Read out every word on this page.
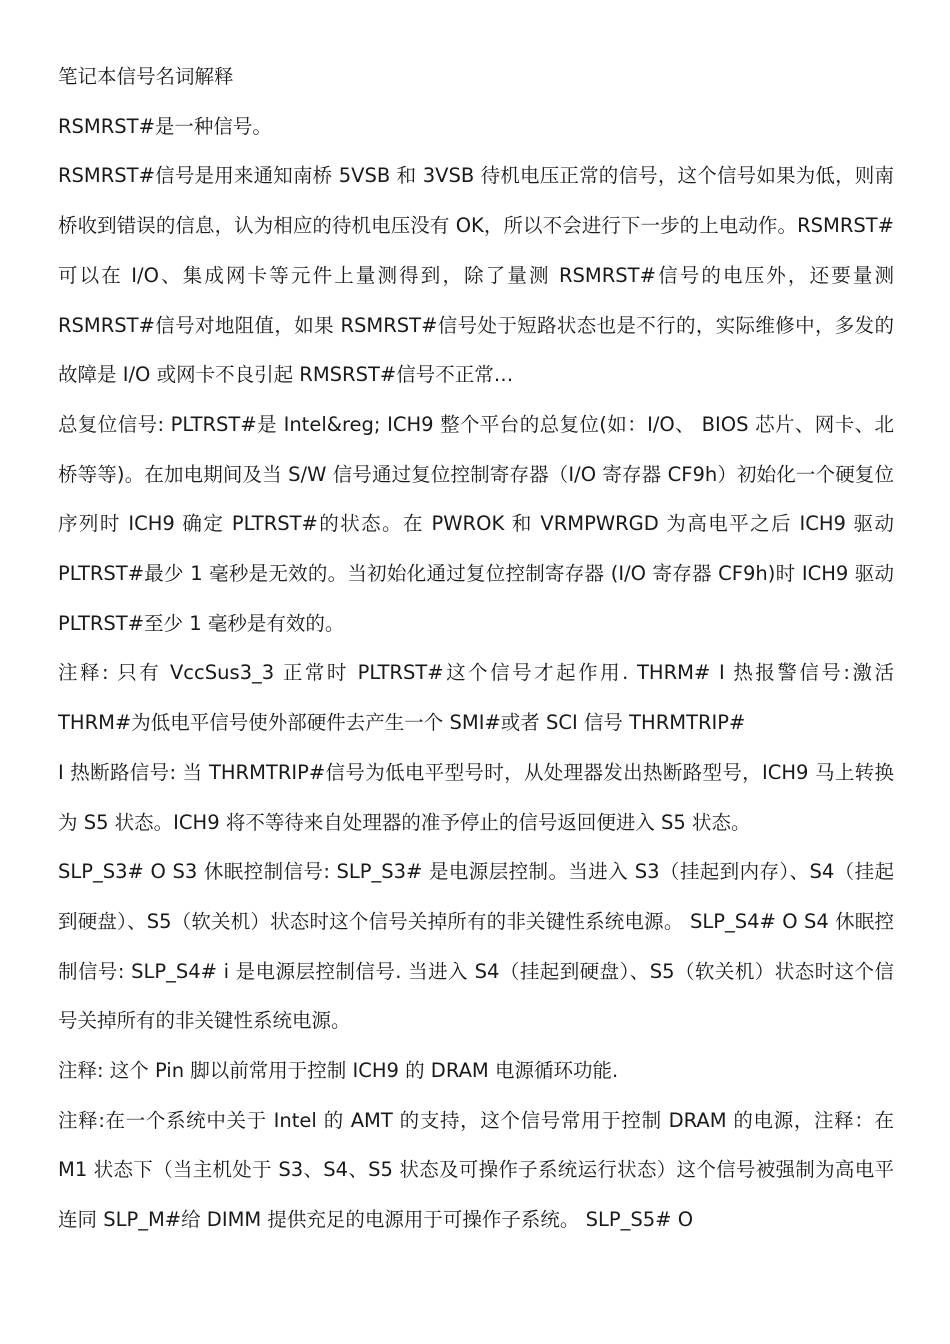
笔记本信号名词解释

RSMRST#是一种信号。

RSMRST#信号是用来通知南桥 5VSB 和 3VSB 待机电压正常的信号，这个信号如果为低，则南桥收到错误的信息，认为相应的待机电压没有 OK，所以不会进行下一步的上电动作。RSMRST#可以在 I/O、集成网卡等元件上量测得到，除了量测 RSMRST#信号的电压外，还要量测 RSMRST#信号对地阻值，如果 RSMRST#信号处于短路状态也是不行的，实际维修中，多发的故障是 I/O 或网卡不良引起 RMSRST#信号不正常…

总复位信号: PLTRST#是 Intel&reg; ICH9 整个平台的总复位(如：I/O、 BIOS 芯片、网卡、北桥等等)。在加电期间及当 S/W 信号通过复位控制寄存器（I/O 寄存器 CF9h）初始化一个硬复位序列时 ICH9 确定 PLTRST#的状态。在 PWROK 和 VRMPWRGD 为高电平之后 ICH9 驱动 PLTRST#最少 1 毫秒是无效的。当初始化通过复位控制寄存器 (I/O 寄存器 CF9h)时 ICH9 驱动 PLTRST#至少 1 毫秒是有效的。

注释: 只有 VccSus3_3 正常时 PLTRST#这个信号才起作用. THRM# I 热报警信号:激活 THRM#为低电平信号使外部硬件去产生一个 SMI#或者 SCI 信号 THRMTRIP#

I 热断路信号: 当 THRMTRIP#信号为低电平型号时，从处理器发出热断路型号，ICH9 马上转换为 S5 状态。ICH9 将不等待来自处理器的准予停止的信号返回便进入 S5 状态。

SLP_S3# O S3 休眠控制信号: SLP_S3# 是电源层控制。当进入 S3（挂起到内存）、S4（挂起到硬盘）、S5（软关机）状态时这个信号关掉所有的非关键性系统电源。 SLP_S4# O S4 休眠控制信号: SLP_S4# i 是电源层控制信号. 当进入 S4（挂起到硬盘）、S5（软关机）状态时这个信号关掉所有的非关键性系统电源。

注释: 这个 Pin 脚以前常用于控制 ICH9 的 DRAM 电源循环功能.

注释:在一个系统中关于 Intel 的 AMT 的支持，这个信号常用于控制 DRAM 的电源，注释：在 M1 状态下（当主机处于 S3、S4、S5 状态及可操作子系统运行状态）这个信号被强制为高电平连同 SLP_M#给 DIMM 提供充足的电源用于可操作子系统。 SLP_S5# O
